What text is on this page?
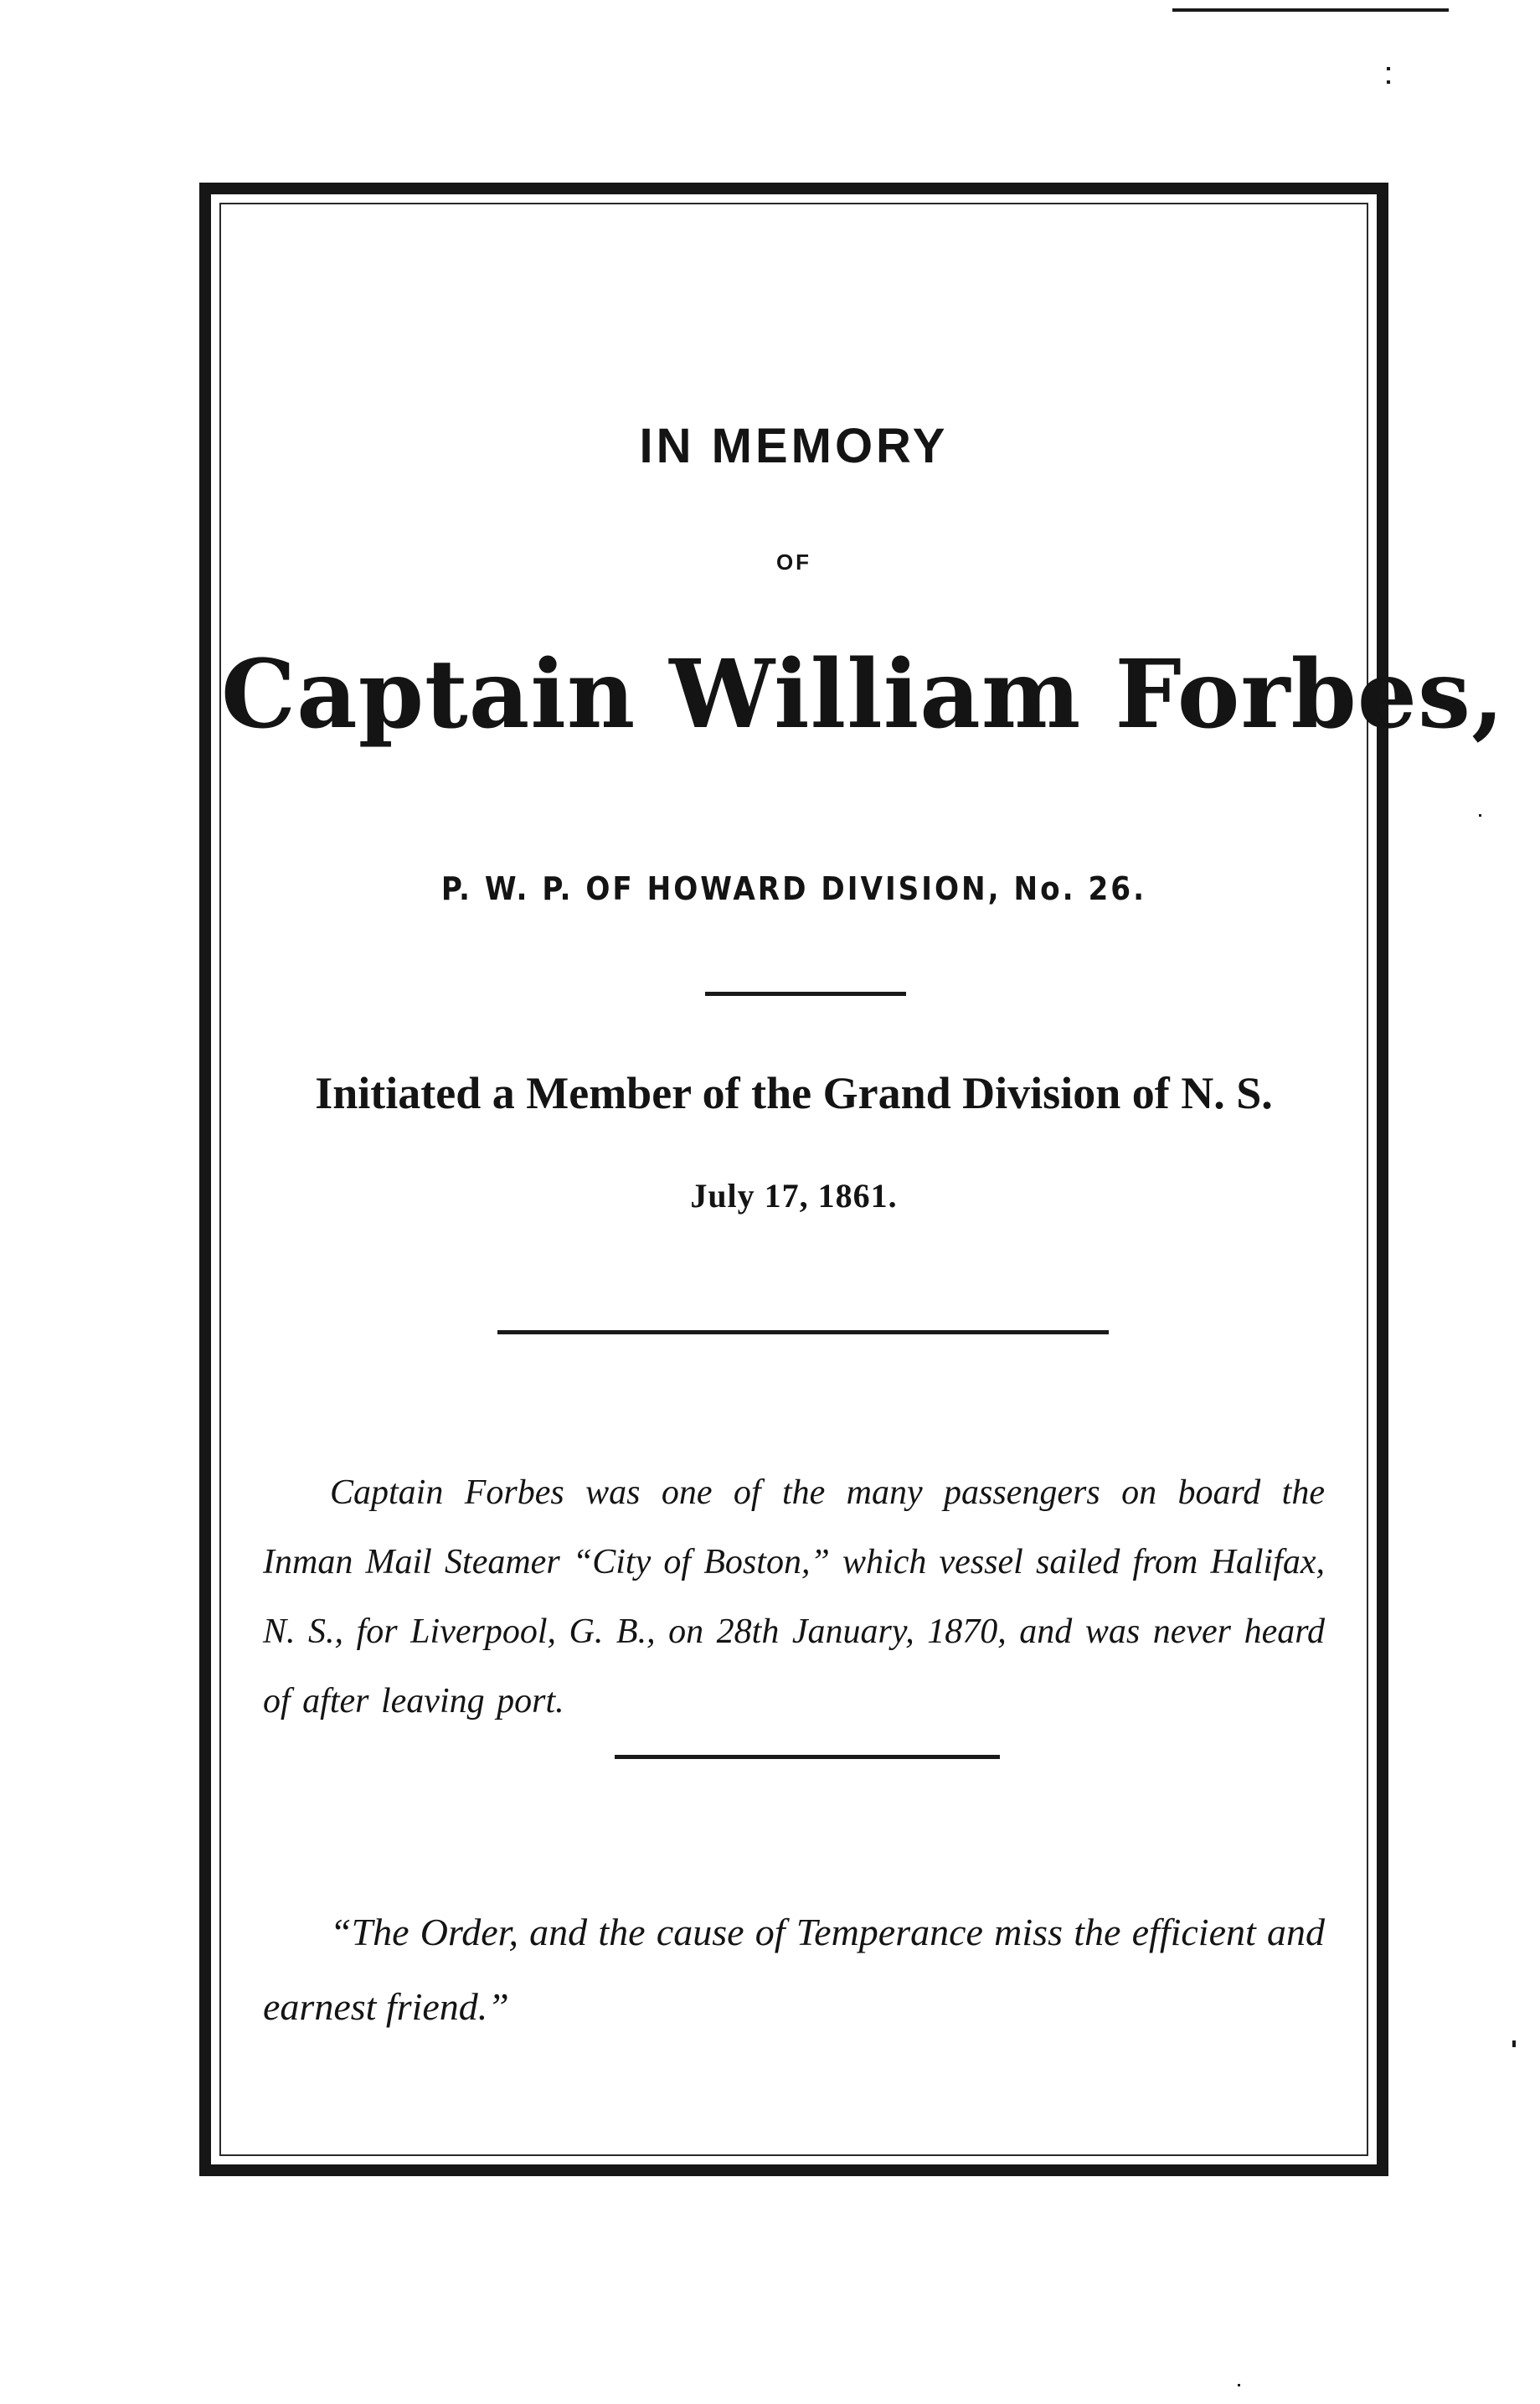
IN MEMORY

OF

Captain William Forbes,

P. W. P. OF HOWARD DIVISION, No. 26.

Initiated a Member of the Grand Division of N. S.

July 17, 1861.

Captain Forbes was one of the many passengers on board the Inman Mail Steamer “City of Boston,” which vessel sailed from Halifax, N. S., for Liverpool, G. B., on 28th January, 1870, and was never heard of after leaving port.

“The Order, and the cause of Temperance miss the efficient and earnest friend.”
